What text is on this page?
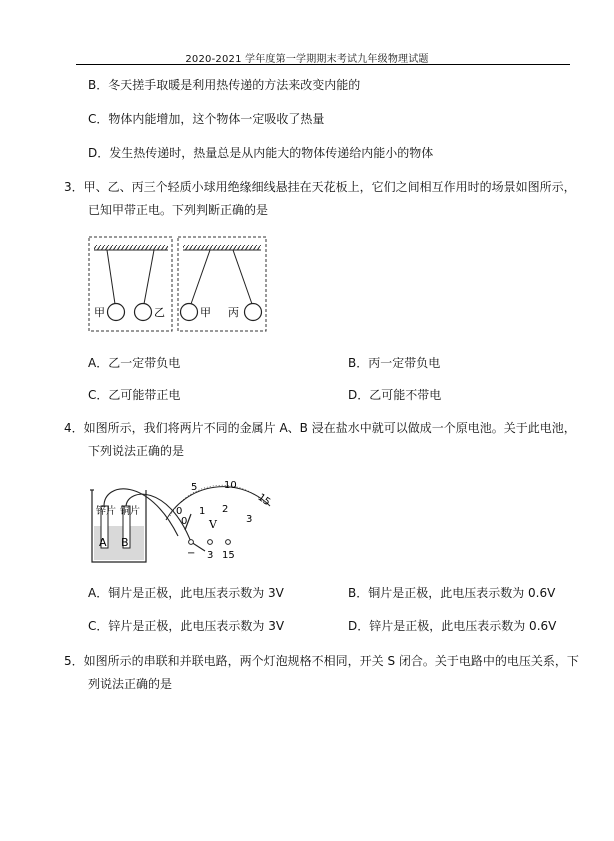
2020-2021 学年度第一学期期末考试九年级物理试题
B．冬天搓手取暖是利用热传递的方法来改变内能的
C．物体内能增加，这个物体一定吸收了热量
D．发生热传递时，热量总是从内能大的物体传递给内能小的物体
3．甲、乙、丙三个轻质小球用绝缘细线悬挂在天花板上，它们之间相互作用时的场景如图所示，
已知甲带正电。下列判断正确的是
甲	乙	甲 丙
A．乙一定带负电	B．丙一定带负电
C．乙可能带正电	D．乙可能不带电
4．如图所示，我们将两片不同的金属片 A、B 浸在盐水中就可以做成一个原电池。关于此电池，
下列说法正确的是
锌片 铜片
A B
5	10
15
0
0
1 2
3
V
− 3 15
A．铜片是正极，此电压表示数为 3V	B．铜片是正极，此电压表示数为 0.6V
C．锌片是正极，此电压表示数为 3V	D．锌片是正极，此电压表示数为 0.6V
5．如图所示的串联和并联电路，两个灯泡规格不相同，开关 S 闭合。关于电路中的电压关系，下
列说法正确的是
